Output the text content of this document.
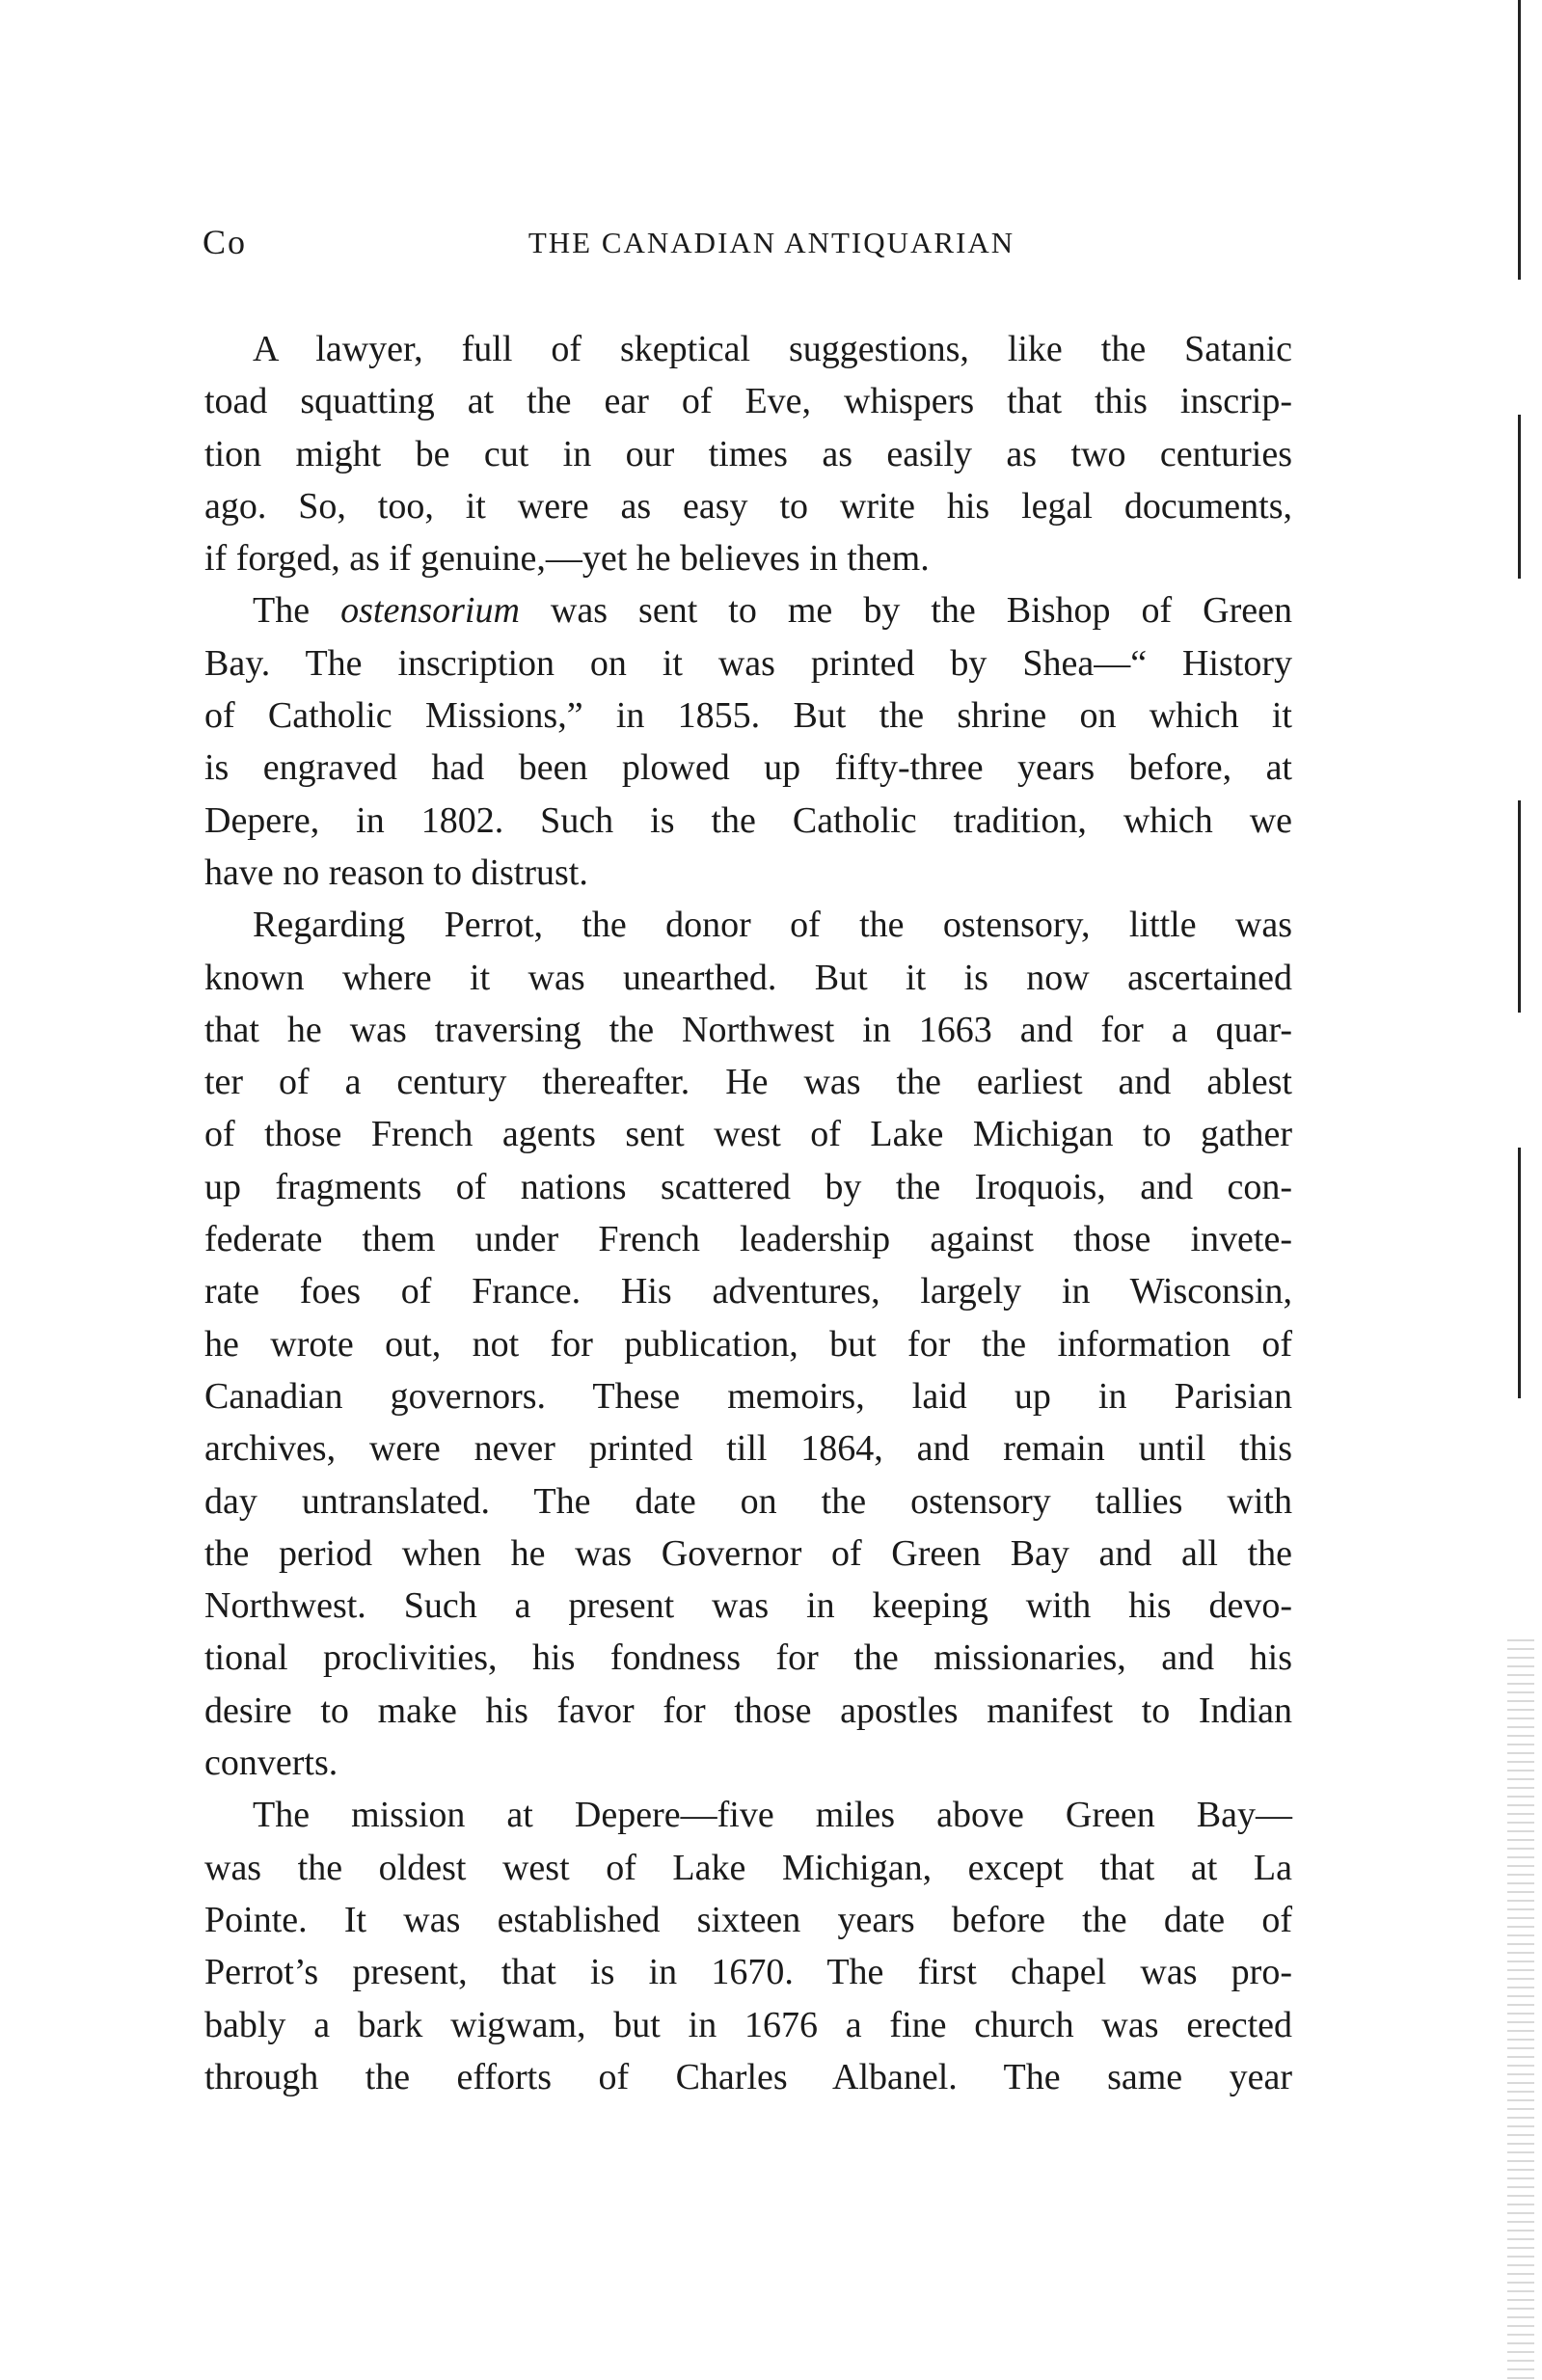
Co	THE CANADIAN ANTIQUARIAN

A lawyer, full of skeptical suggestions, like the Satanic
toad squatting at the ear of Eve, whispers that this inscrip-
tion might be cut in our times as easily as two centuries
ago. So, too, it were as easy to write his legal documents,
if forged, as if genuine,—yet he believes in them.

The ostensorium was sent to me by the Bishop of Green
Bay. The inscription on it was printed by Shea—“ History
of Catholic Missions,” in 1855. But the shrine on which it
is engraved had been plowed up fifty-three years before, at
Depere, in 1802. Such is the Catholic tradition, which we
have no reason to distrust.

Regarding Perrot, the donor of the ostensory, little was
known where it was unearthed. But it is now ascertained
that he was traversing the Northwest in 1663 and for a quar-
ter of a century thereafter. He was the earliest and ablest
of those French agents sent west of Lake Michigan to gather
up fragments of nations scattered by the Iroquois, and con-
federate them under French leadership against those invete-
rate foes of France. His adventures, largely in Wisconsin,
he wrote out, not for publication, but for the information of
Canadian governors. These memoirs, laid up in Parisian
archives, were never printed till 1864, and remain until this
day untranslated. The date on the ostensory tallies with
the period when he was Governor of Green Bay and all the
Northwest. Such a present was in keeping with his devo-
tional proclivities, his fondness for the missionaries, and his
desire to make his favor for those apostles manifest to Indian
converts.

The mission at Depere—five miles above Green Bay—
was the oldest west of Lake Michigan, except that at La
Pointe. It was established sixteen years before the date of
Perrot’s present, that is in 1670. The first chapel was pro-
bably a bark wigwam, but in 1676 a fine church was erected
through the efforts of Charles Albanel. The same year
